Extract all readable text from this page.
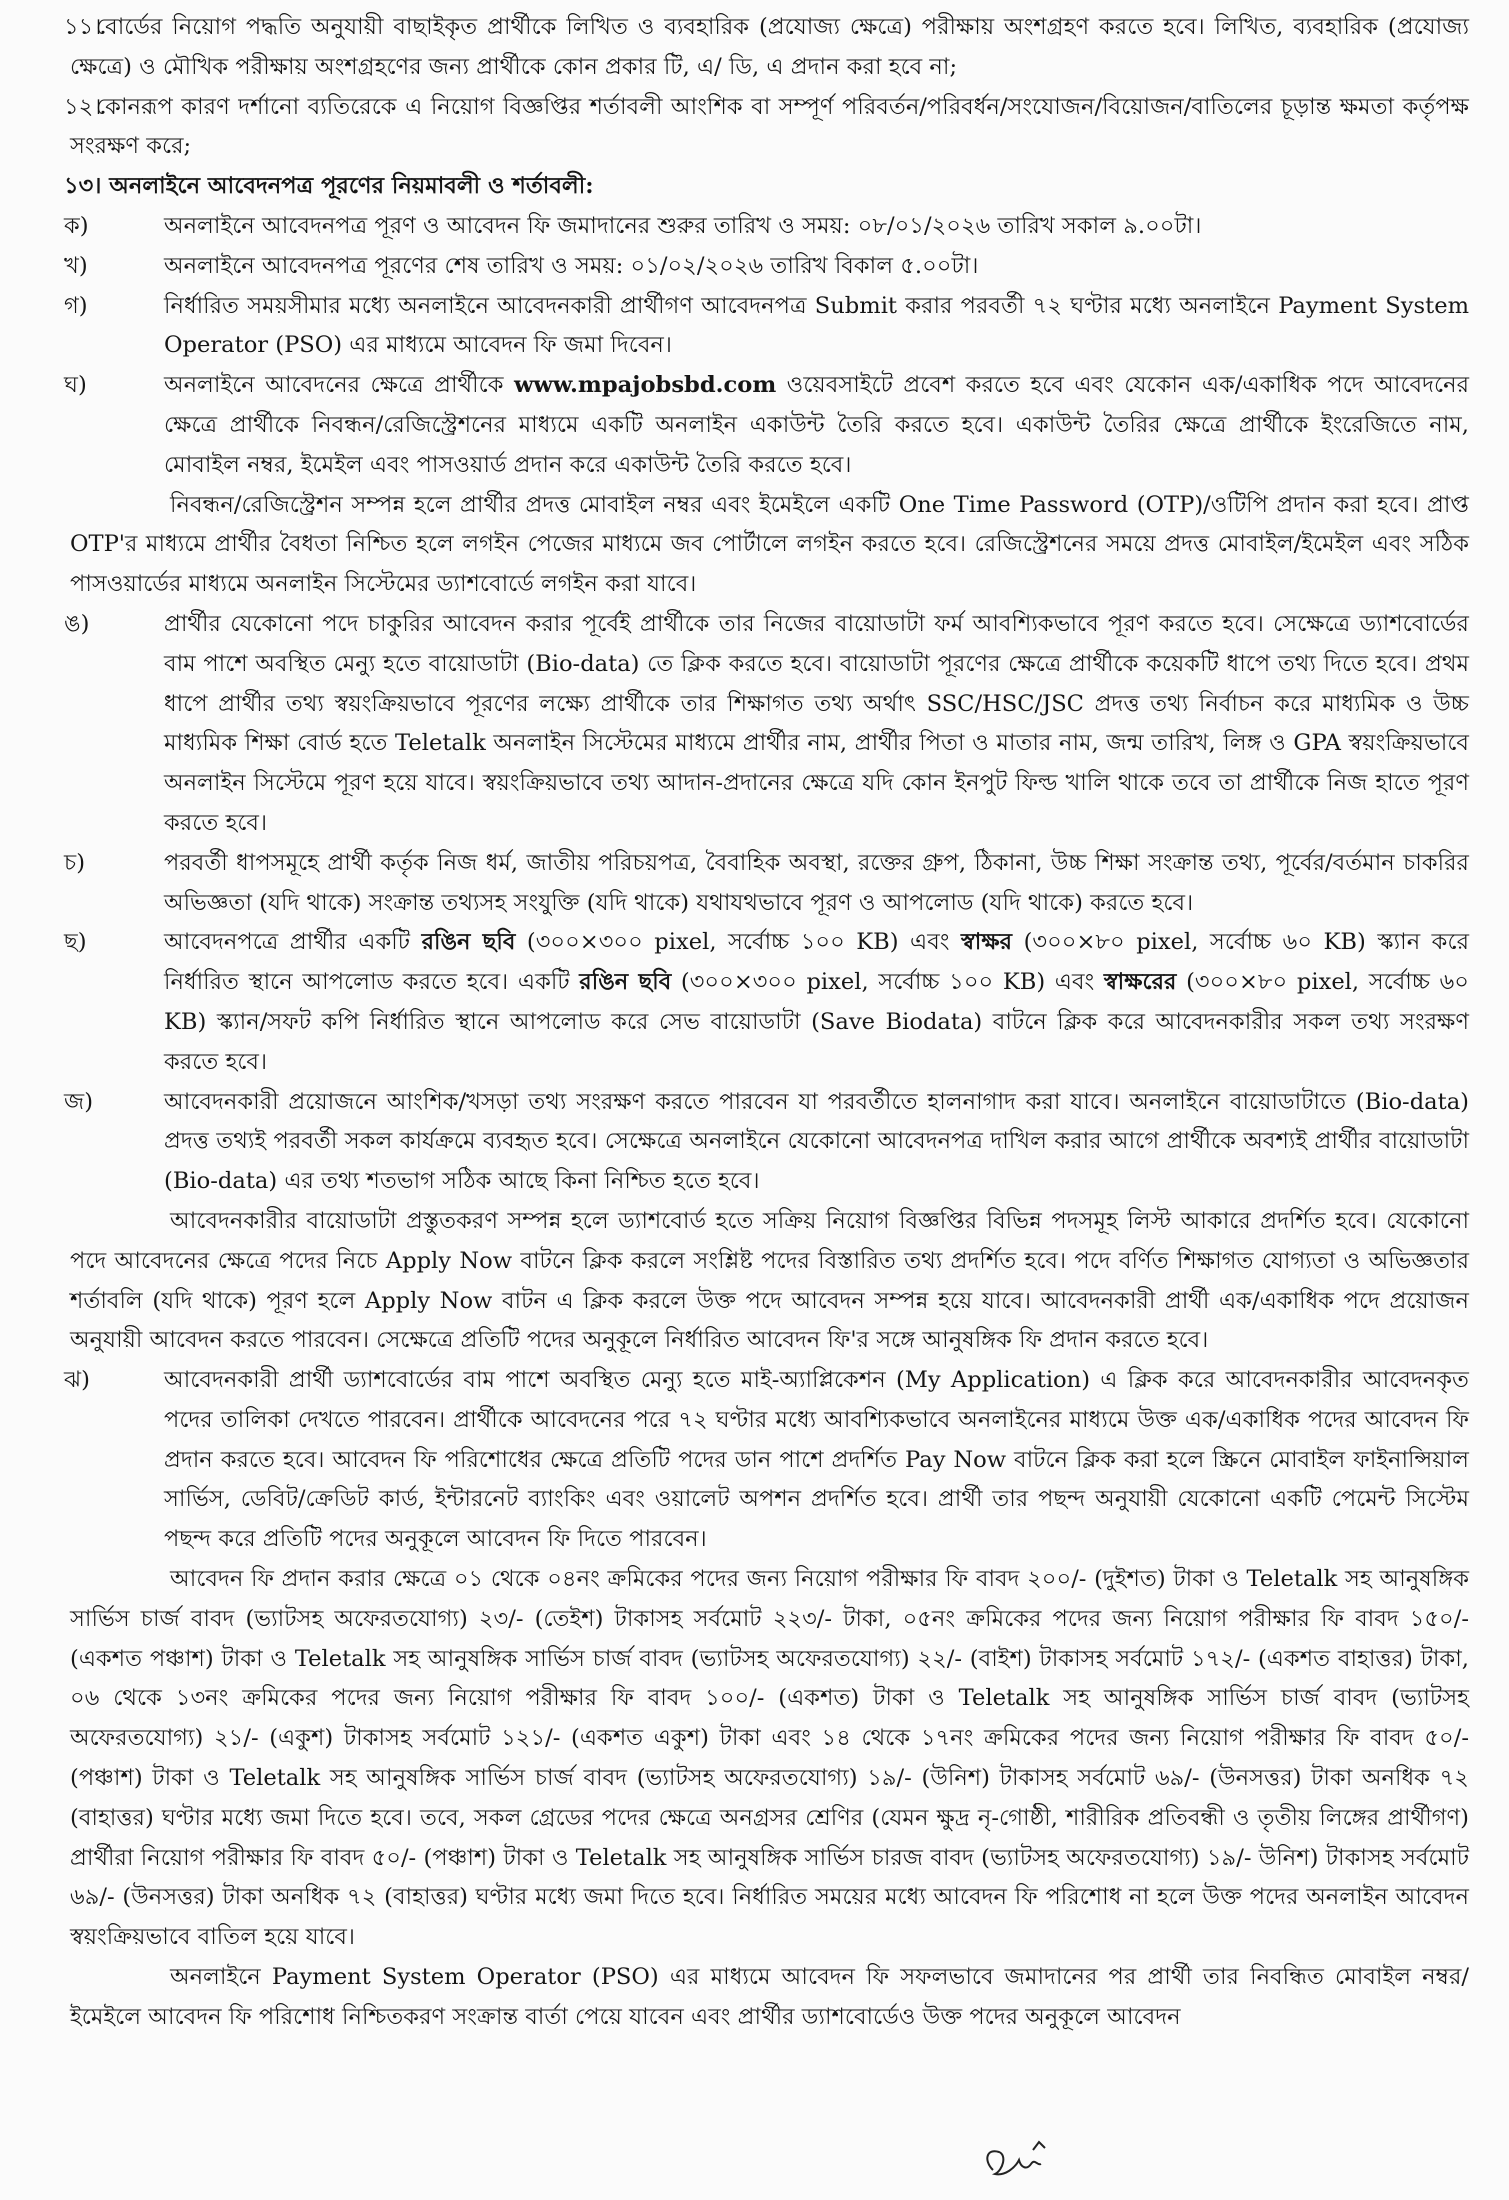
১১।বোর্ডের নিয়োগ পদ্ধতি অনুযায়ী বাছাইকৃত প্রার্থীকে লিখিত ও ব্যবহারিক (প্রযোজ্য ক্ষেত্রে) পরীক্ষায় অংশগ্রহণ করতে হবে। লিখিত, ব্যবহারিক (প্রযোজ্য ক্ষেত্রে) ও মৌখিক পরীক্ষায় অংশগ্রহণের জন্য প্রার্থীকে কোন প্রকার টি, এ/ ডি, এ প্রদান করা হবে না;
১২।কোনরূপ কারণ দর্শানো ব্যতিরেকে এ নিয়োগ বিজ্ঞপ্তির শর্তাবলী আংশিক বা সম্পূর্ণ পরিবর্তন/পরিবর্ধন/সংযোজন/বিয়োজন/বাতিলের চূড়ান্ত ক্ষমতা কর্তৃপক্ষ সংরক্ষণ করে;
১৩। অনলাইনে আবেদনপত্র পূরণের নিয়মাবলী ও শর্তাবলী:
ক)	অনলাইনে আবেদনপত্র পূরণ ও আবেদন ফি জমাদানের শুরুর তারিখ ও সময়: ০৮/০১/২০২৬ তারিখ সকাল ৯.০০টা।
খ)	অনলাইনে আবেদনপত্র পূরণের শেষ তারিখ ও সময়: ০১/০২/২০২৬ তারিখ বিকাল ৫.০০টা।
গ)	নির্ধারিত সময়সীমার মধ্যে অনলাইনে আবেদনকারী প্রার্থীগণ আবেদনপত্র Submit করার পরবর্তী ৭২ ঘণ্টার মধ্যে অনলাইনে Payment System Operator (PSO) এর মাধ্যমে আবেদন ফি জমা দিবেন।
ঘ)	অনলাইনে আবেদনের ক্ষেত্রে প্রার্থীকে www.mpajobsbd.com ওয়েবসাইটে প্রবেশ করতে হবে এবং যেকোন এক/একাধিক পদে আবেদনের ক্ষেত্রে প্রার্থীকে নিবন্ধন/রেজিস্ট্রেশনের মাধ্যমে একটি অনলাইন একাউন্ট তৈরি করতে হবে। একাউন্ট তৈরির ক্ষেত্রে প্রার্থীকে ইংরেজিতে নাম, মোবাইল নম্বর, ইমেইল এবং পাসওয়ার্ড প্রদান করে একাউন্ট তৈরি করতে হবে।
নিবন্ধন/রেজিস্ট্রেশন সম্পন্ন হলে প্রার্থীর প্রদত্ত মোবাইল নম্বর এবং ইমেইলে একটি One Time Password (OTP)/ওটিপি প্রদান করা হবে। প্রাপ্ত OTP'র মাধ্যমে প্রার্থীর বৈধতা নিশ্চিত হলে লগইন পেজের মাধ্যমে জব পোর্টালে লগইন করতে হবে। রেজিস্ট্রেশনের সময়ে প্রদত্ত মোবাইল/ইমেইল এবং সঠিক পাসওয়ার্ডের মাধ্যমে অনলাইন সিস্টেমের ড্যাশবোর্ডে লগইন করা যাবে।
ঙ)	প্রার্থীর যেকোনো পদে চাকুরির আবেদন করার পূর্বেই প্রার্থীকে তার নিজের বায়োডাটা ফর্ম আবশ্যিকভাবে পূরণ করতে হবে। সেক্ষেত্রে ড্যাশবোর্ডের বাম পাশে অবস্থিত মেন্যু হতে বায়োডাটা (Bio-data) তে ক্লিক করতে হবে। বায়োডাটা পূরণের ক্ষেত্রে প্রার্থীকে কয়েকটি ধাপে তথ্য দিতে হবে। প্রথম ধাপে প্রার্থীর তথ্য স্বয়ংক্রিয়ভাবে পূরণের লক্ষ্যে প্রার্থীকে তার শিক্ষাগত তথ্য অর্থাৎ SSC/HSC/JSC প্রদত্ত তথ্য নির্বাচন করে মাধ্যমিক ও উচ্চ মাধ্যমিক শিক্ষা বোর্ড হতে Teletalk অনলাইন সিস্টেমের মাধ্যমে প্রার্থীর নাম, প্রার্থীর পিতা ও মাতার নাম, জন্ম তারিখ, লিঙ্গ ও GPA স্বয়ংক্রিয়ভাবে অনলাইন সিস্টেমে পূরণ হয়ে যাবে। স্বয়ংক্রিয়ভাবে তথ্য আদান-প্রদানের ক্ষেত্রে যদি কোন ইনপুট ফিল্ড খালি থাকে তবে তা প্রার্থীকে নিজ হাতে পূরণ করতে হবে।
চ)	পরবর্তী ধাপসমূহে প্রার্থী কর্তৃক নিজ ধর্ম, জাতীয় পরিচয়পত্র, বৈবাহিক অবস্থা, রক্তের গ্রুপ, ঠিকানা, উচ্চ শিক্ষা সংক্রান্ত তথ্য, পূর্বের/বর্তমান চাকরির অভিজ্ঞতা (যদি থাকে) সংক্রান্ত তথ্যসহ সংযুক্তি (যদি থাকে) যথাযথভাবে পূরণ ও আপলোড (যদি থাকে) করতে হবে।
ছ)	আবেদনপত্রে প্রার্থীর একটি রঙিন ছবি (৩০০×৩০০ pixel, সর্বোচ্চ ১০০ KB) এবং স্বাক্ষর (৩০০×৮০ pixel, সর্বোচ্চ ৬০ KB) স্ক্যান করে নির্ধারিত স্থানে আপলোড করতে হবে। একটি রঙিন ছবি (৩০০×৩০০ pixel, সর্বোচ্চ ১০০ KB) এবং স্বাক্ষরের (৩০০×৮০ pixel, সর্বোচ্চ ৬০ KB) স্ক্যান/সফট কপি নির্ধারিত স্থানে আপলোড করে সেভ বায়োডাটা (Save Biodata) বাটনে ক্লিক করে আবেদনকারীর সকল তথ্য সংরক্ষণ করতে হবে।
জ)	আবেদনকারী প্রয়োজনে আংশিক/খসড়া তথ্য সংরক্ষণ করতে পারবেন যা পরবর্তীতে হালনাগাদ করা যাবে। অনলাইনে বায়োডাটাতে (Bio-data) প্রদত্ত তথ্যই পরবর্তী সকল কার্যক্রমে ব্যবহৃত হবে। সেক্ষেত্রে অনলাইনে যেকোনো আবেদনপত্র দাখিল করার আগে প্রার্থীকে অবশ্যই প্রার্থীর বায়োডাটা (Bio-data) এর তথ্য শতভাগ সঠিক আছে কিনা নিশ্চিত হতে হবে।
আবেদনকারীর বায়োডাটা প্রস্তুতকরণ সম্পন্ন হলে ড্যাশবোর্ড হতে সক্রিয় নিয়োগ বিজ্ঞপ্তির বিভিন্ন পদসমূহ লিস্ট আকারে প্রদর্শিত হবে। যেকোনো পদে আবেদনের ক্ষেত্রে পদের নিচে Apply Now বাটনে ক্লিক করলে সংশ্লিষ্ট পদের বিস্তারিত তথ্য প্রদর্শিত হবে। পদে বর্ণিত শিক্ষাগত যোগ্যতা ও অভিজ্ঞতার শর্তাবলি (যদি থাকে) পূরণ হলে Apply Now বাটন এ ক্লিক করলে উক্ত পদে আবেদন সম্পন্ন হয়ে যাবে। আবেদনকারী প্রার্থী এক/একাধিক পদে প্রয়োজন অনুযায়ী আবেদন করতে পারবেন। সেক্ষেত্রে প্রতিটি পদের অনুকূলে নির্ধারিত আবেদন ফি'র সঙ্গে আনুষঙ্গিক ফি প্রদান করতে হবে।
ঝ)	আবেদনকারী প্রার্থী ড্যাশবোর্ডের বাম পাশে অবস্থিত মেন্যু হতে মাই-অ্যাপ্লিকেশন (My Application) এ ক্লিক করে আবেদনকারীর আবেদনকৃত পদের তালিকা দেখতে পারবেন। প্রার্থীকে আবেদনের পরে ৭২ ঘণ্টার মধ্যে আবশ্যিকভাবে অনলাইনের মাধ্যমে উক্ত এক/একাধিক পদের আবেদন ফি প্রদান করতে হবে। আবেদন ফি পরিশোধের ক্ষেত্রে প্রতিটি পদের ডান পাশে প্রদর্শিত Pay Now বাটনে ক্লিক করা হলে স্ক্রিনে মোবাইল ফাইনান্সিয়াল সার্ভিস, ডেবিট/ক্রেডিট কার্ড, ইন্টারনেট ব্যাংকিং এবং ওয়ালেট অপশন প্রদর্শিত হবে। প্রার্থী তার পছন্দ অনুযায়ী যেকোনো একটি পেমেন্ট সিস্টেম পছন্দ করে প্রতিটি পদের অনুকূলে আবেদন ফি দিতে পারবেন।
আবেদন ফি প্রদান করার ক্ষেত্রে ০১ থেকে ০৪নং ক্রমিকের পদের জন্য নিয়োগ পরীক্ষার ফি বাবদ ২০০/- (দুইশত) টাকা ও Teletalk সহ আনুষঙ্গিক সার্ভিস চার্জ বাবদ (ভ্যাটসহ অফেরতযোগ্য) ২৩/- (তেইশ) টাকাসহ সর্বমোট ২২৩/- টাকা, ০৫নং ক্রমিকের পদের জন্য নিয়োগ পরীক্ষার ফি বাবদ ১৫০/- (একশত পঞ্চাশ) টাকা ও Teletalk সহ আনুষঙ্গিক সার্ভিস চার্জ বাবদ (ভ্যাটসহ অফেরতযোগ্য) ২২/- (বাইশ) টাকাসহ সর্বমোট ১৭২/- (একশত বাহাত্তর) টাকা, ০৬ থেকে ১৩নং ক্রমিকের পদের জন্য নিয়োগ পরীক্ষার ফি বাবদ ১০০/- (একশত) টাকা ও Teletalk সহ আনুষঙ্গিক সার্ভিস চার্জ বাবদ (ভ্যাটসহ অফেরতযোগ্য) ২১/- (একুশ) টাকাসহ সর্বমোট ১২১/- (একশত একুশ) টাকা এবং ১৪ থেকে ১৭নং ক্রমিকের পদের জন্য নিয়োগ পরীক্ষার ফি বাবদ ৫০/- (পঞ্চাশ) টাকা ও Teletalk সহ আনুষঙ্গিক সার্ভিস চার্জ বাবদ (ভ্যাটসহ অফেরতযোগ্য) ১৯/- (উনিশ) টাকাসহ সর্বমোট ৬৯/- (উনসত্তর) টাকা অনধিক ৭২ (বাহাত্তর) ঘণ্টার মধ্যে জমা দিতে হবে। তবে, সকল গ্রেডের পদের ক্ষেত্রে অনগ্রসর শ্রেণির (যেমন ক্ষুদ্র নৃ-গোষ্ঠী, শারীরিক প্রতিবন্ধী ও তৃতীয় লিঙ্গের প্রার্থীগণ) প্রার্থীরা নিয়োগ পরীক্ষার ফি বাবদ ৫০/- (পঞ্চাশ) টাকা ও Teletalk সহ আনুষঙ্গিক সার্ভিস চারজ বাবদ (ভ্যাটসহ অফেরতযোগ্য) ১৯/- উনিশ) টাকাসহ সর্বমোট ৬৯/- (উনসত্তর) টাকা অনধিক ৭২ (বাহাত্তর) ঘণ্টার মধ্যে জমা দিতে হবে। নির্ধারিত সময়ের মধ্যে আবেদন ফি পরিশোধ না হলে উক্ত পদের অনলাইন আবেদন স্বয়ংক্রিয়ভাবে বাতিল হয়ে যাবে।
অনলাইনে Payment System Operator (PSO) এর মাধ্যমে আবেদন ফি সফলভাবে জমাদানের পর প্রার্থী তার নিবন্ধিত মোবাইল নম্বর/ইমেইলে আবেদন ফি পরিশোধ নিশ্চিতকরণ সংক্রান্ত বার্তা পেয়ে যাবেন এবং প্রার্থীর ড্যাশবোর্ডেও উক্ত পদের অনুকূলে আবেদন
